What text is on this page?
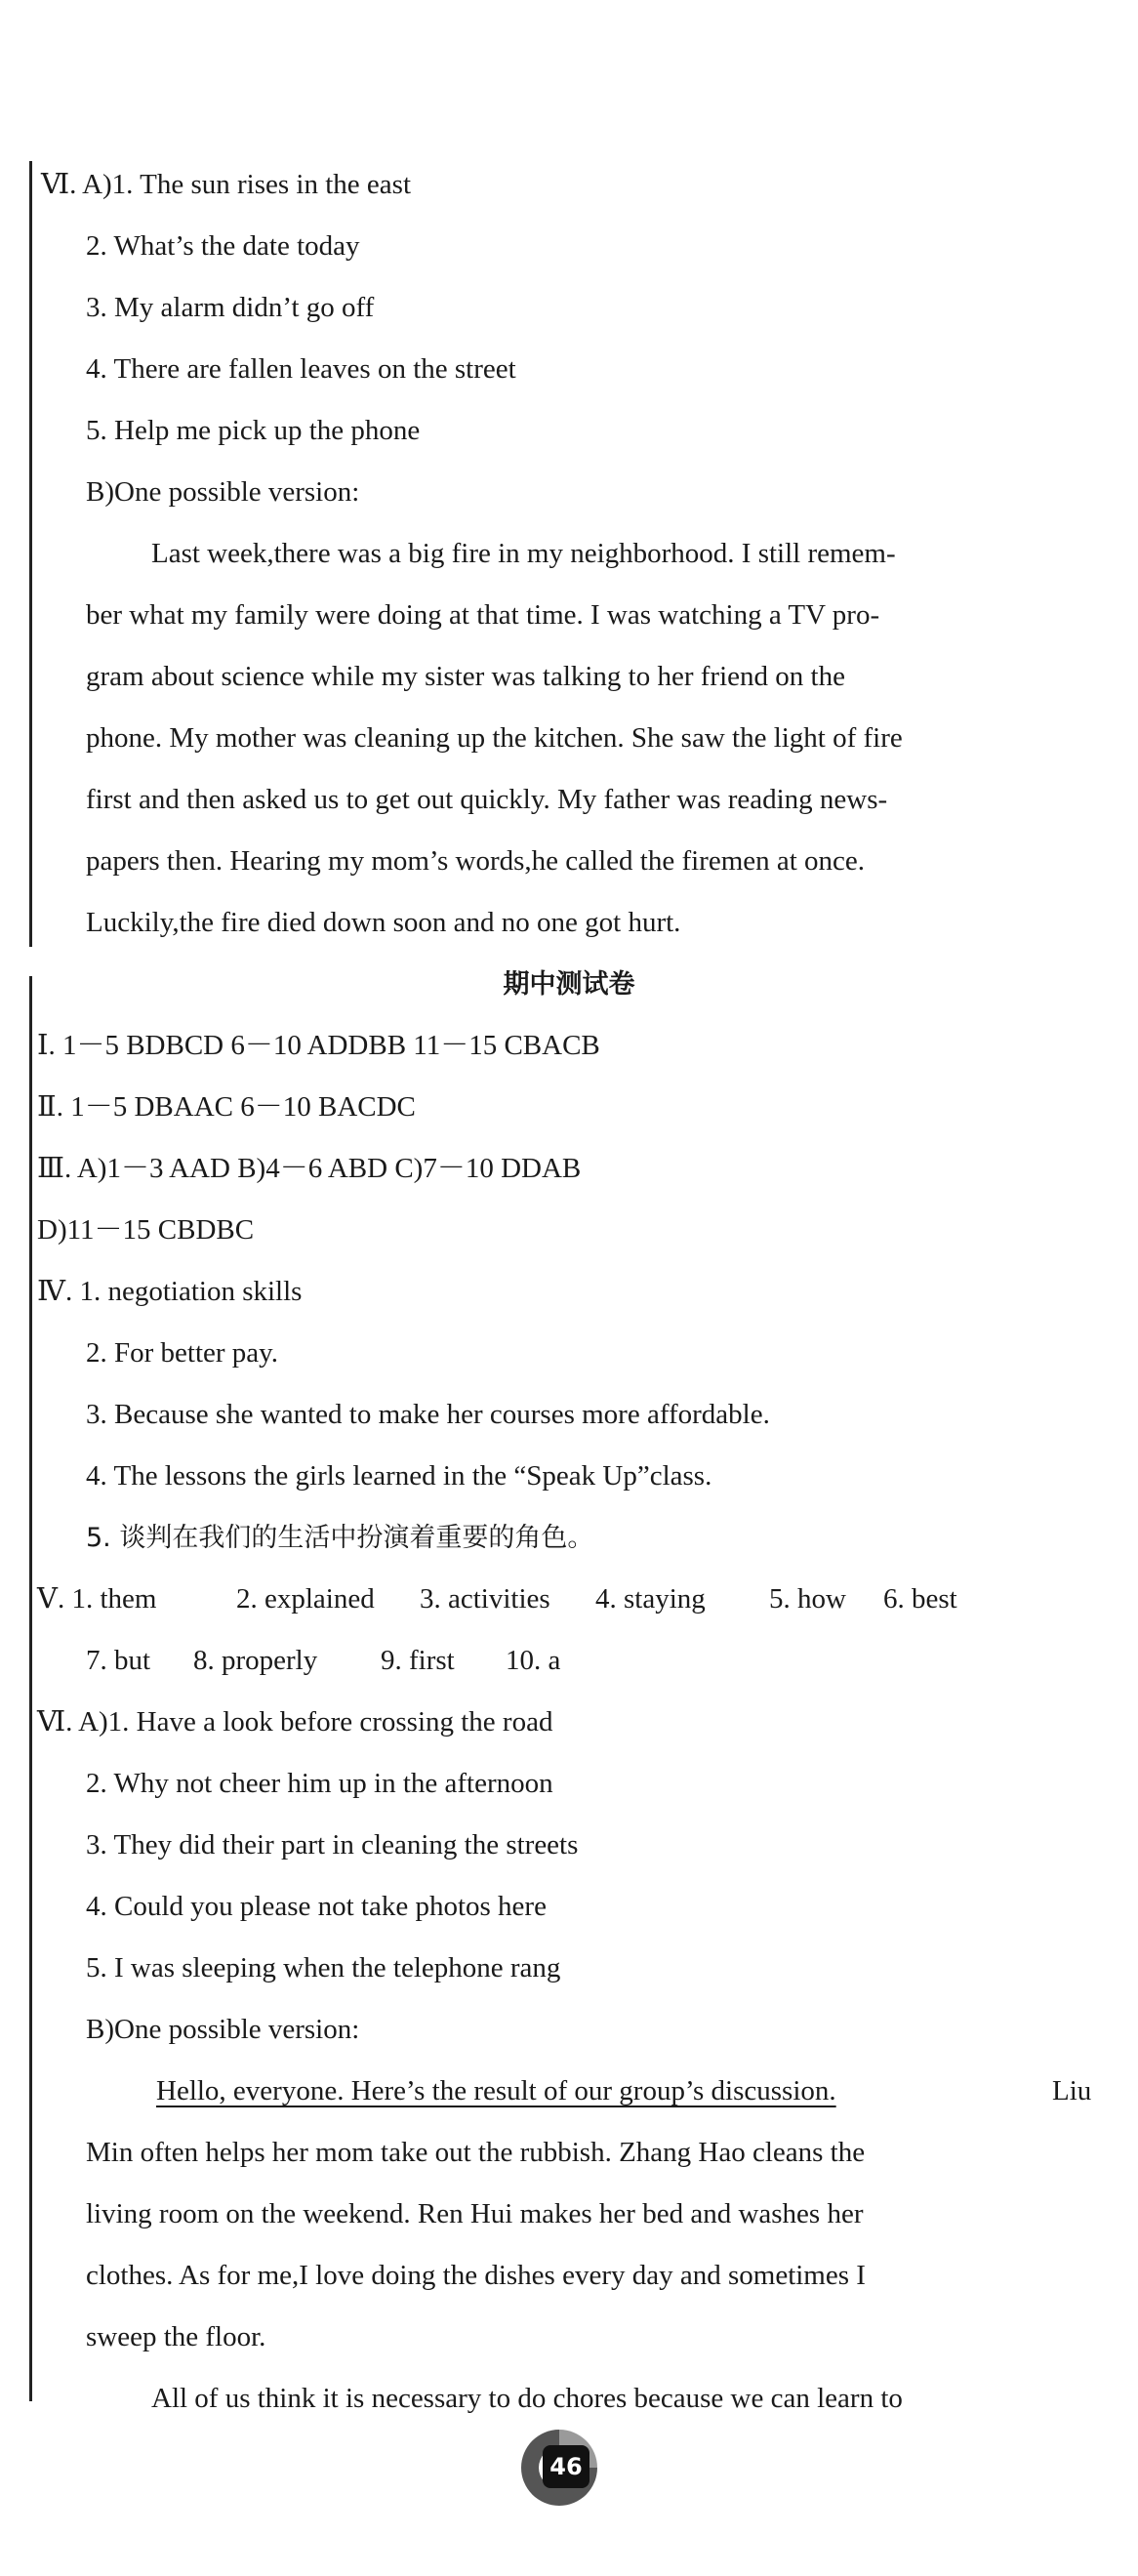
Ⅵ. A)1. The sun rises in the east
2. What’s the date today
3. My alarm didn’t go off
4. There are fallen leaves on the street
5. Help me pick up the phone
B)One possible version:
Last week,there was a big fire in my neighborhood. I still remem-
ber what my family were doing at that time. I was watching a TV pro-
gram about science while my sister was talking to her friend on the
phone. My mother was cleaning up the kitchen. She saw the light of fire
first and then asked us to get out quickly. My father was reading news-
papers then. Hearing my mom’s words,he called the firemen at once.
Luckily,the fire died down soon and no one got hurt.
期中测试卷
Ⅰ. 1－5 BDBCD 6－10 ADDBB 11－15 CBACB
Ⅱ. 1－5 DBAAC 6－10 BACDC
Ⅲ. A)1－3 AAD B)4－6 ABD C)7－10 DDAB
D)11－15 CBDBC
Ⅳ. 1. negotiation skills
2. For better pay.
3. Because she wanted to make her courses more affordable.
4. The lessons the girls learned in the “Speak Up”class.
5. 谈判在我们的生活中扮演着重要的角色。
Ⅴ. 1. them	2. explained 3. activities 4. staying 5. how 6. best
7. but 8. properly 9. first 10. a
Ⅵ. A)1. Have a look before crossing the road
2. Why not cheer him up in the afternoon
3. They did their part in cleaning the streets
4. Could you please not take photos here
5. I was sleeping when the telephone rang
B)One possible version:
Hello, everyone. Here’s the result of our group’s discussion.	Liu
Min often helps her mom take out the rubbish. Zhang Hao cleans the
living room on the weekend. Ren Hui makes her bed and washes her
clothes. As for me,I love doing the dishes every day and sometimes I
sweep the floor.
All of us think it is necessary to do chores because we can learn to
46
